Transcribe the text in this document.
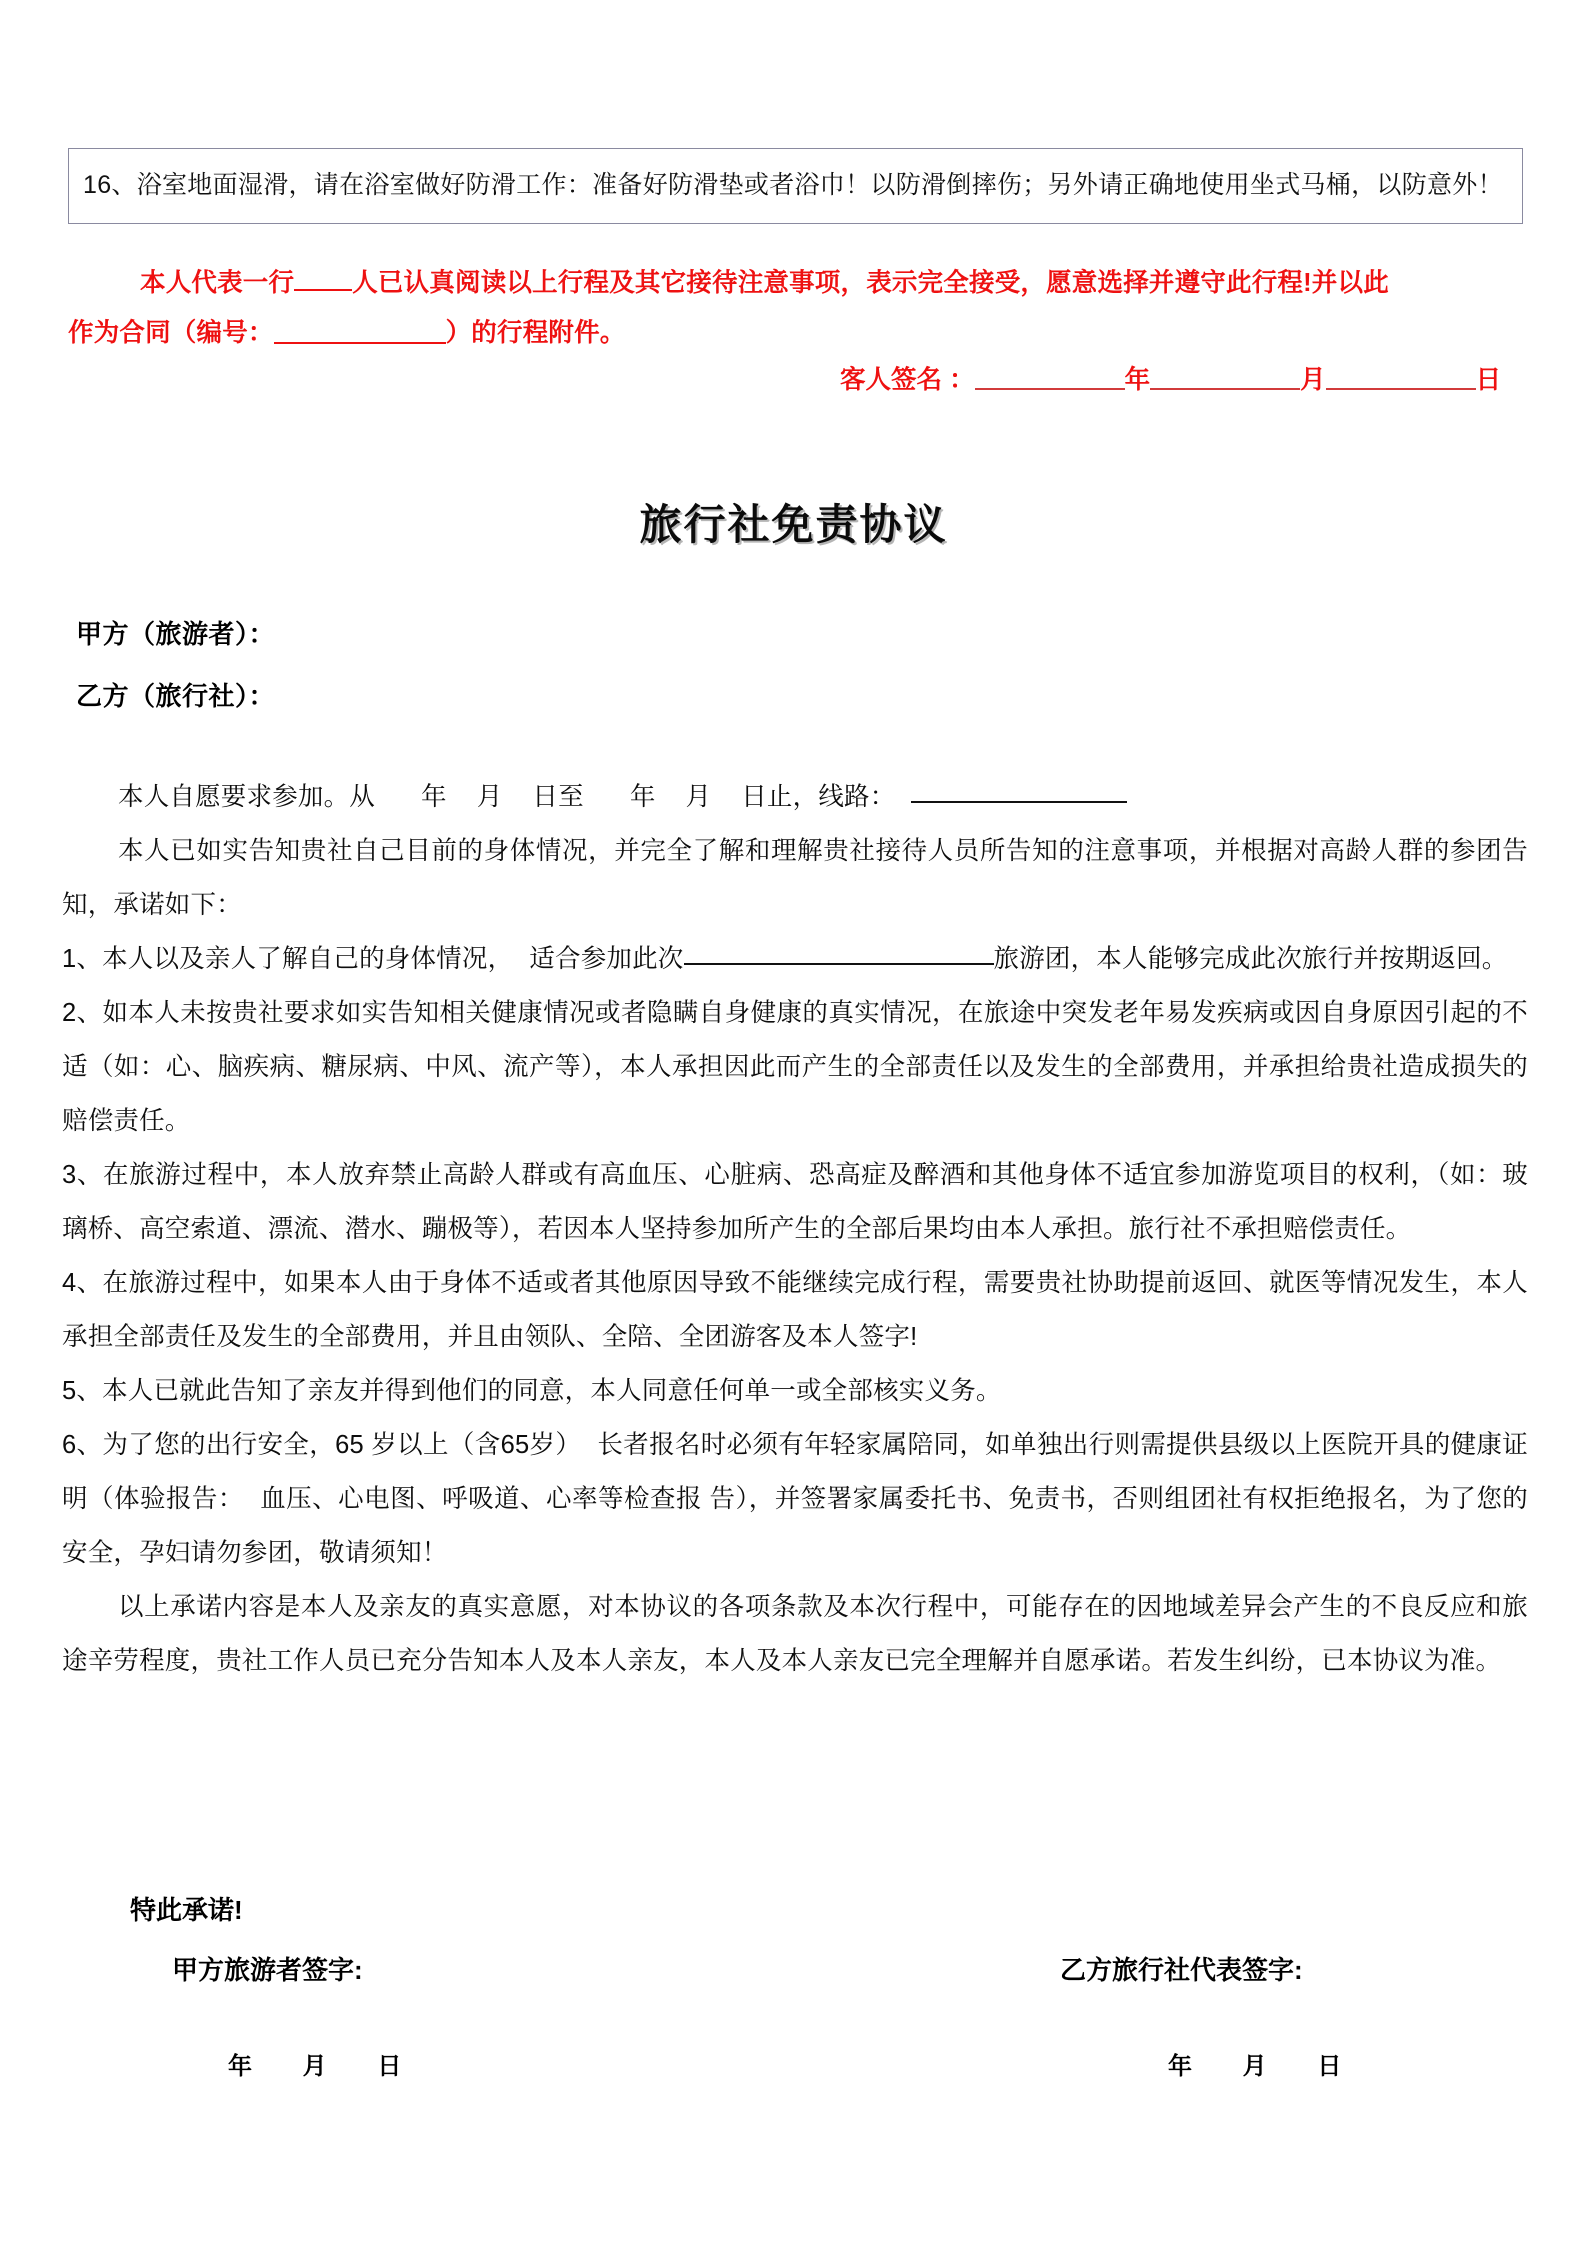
16、浴室地面湿滑，请在浴室做好防滑工作：准备好防滑垫或者浴巾！以防滑倒摔伤；另外请正确地使用坐式马桶，以防意外！

本人代表一行 人已认真阅读以上行程及其它接待注意事项，表示完全接受，愿意选择并遵守此行程!并以此

作为合同（编号：	）的行程附件。

客人签名 ：	年	月	日
旅行社免责协议
甲方（旅游者）：
乙方（旅行社）：

本人自愿要求参加。从 年 月 日至 年 月 日止，线路：

本人已如实告知贵社自己目前的身体情况，并完全了解和理解贵社接待人员所告知的注意事项，并根据对高龄人群的参团告知，承诺如下：

1、本人以及亲人了解自己的身体情况， 适合参加此次	旅游团，本人能够完成此次旅行并按期返回。

2、如本人未按贵社要求如实告知相关健康情况或者隐瞒自身健康的真实情况，在旅途中突发老年易发疾病或因自身原因引起的不适（如：心、脑疾病、糖尿病、中风、流产等），本人承担因此而产生的全部责任以及发生的全部费用，并承担给贵社造成损失的赔偿责任。

3、在旅游过程中，本人放弃禁止高龄人群或有高血压、心脏病、恐高症及醉酒和其他身体不适宜参加游览项目的权利，（如：玻璃桥、高空索道、漂流、潜水、蹦极等），若因本人坚持参加所产生的全部后果均由本人承担。旅行社不承担赔偿责任。

4、在旅游过程中，如果本人由于身体不适或者其他原因导致不能继续完成行程，需要贵社协助提前返回、就医等情况发生，本人承担全部责任及发生的全部费用，并且由领队、全陪、全团游客及本人签字!

5、本人已就此告知了亲友并得到他们的同意，本人同意任何单一或全部核实义务。

6、为了您的出行安全，65 岁以上（含65岁） 长者报名时必须有年轻家属陪同，如单独出行则需提供县级以上医院开具的健康证明（体验报告： 血压、心电图、呼吸道、心率等检查报 告），并签署家属委托书、免责书，否则组团社有权拒绝报名，为了您的安全，孕妇请勿参团，敬请须知！

以上承诺内容是本人及亲友的真实意愿，对本协议的各项条款及本次行程中，可能存在的因地域差异会产生的不良反应和旅途辛劳程度，贵社工作人员已充分告知本人及本人亲友，本人及本人亲友已完全理解并自愿承诺。若发生纠纷，已本协议为准。

特此承诺!
甲方旅游者签字:	乙方旅行社代表签字:
年 月 日	年 月 日
